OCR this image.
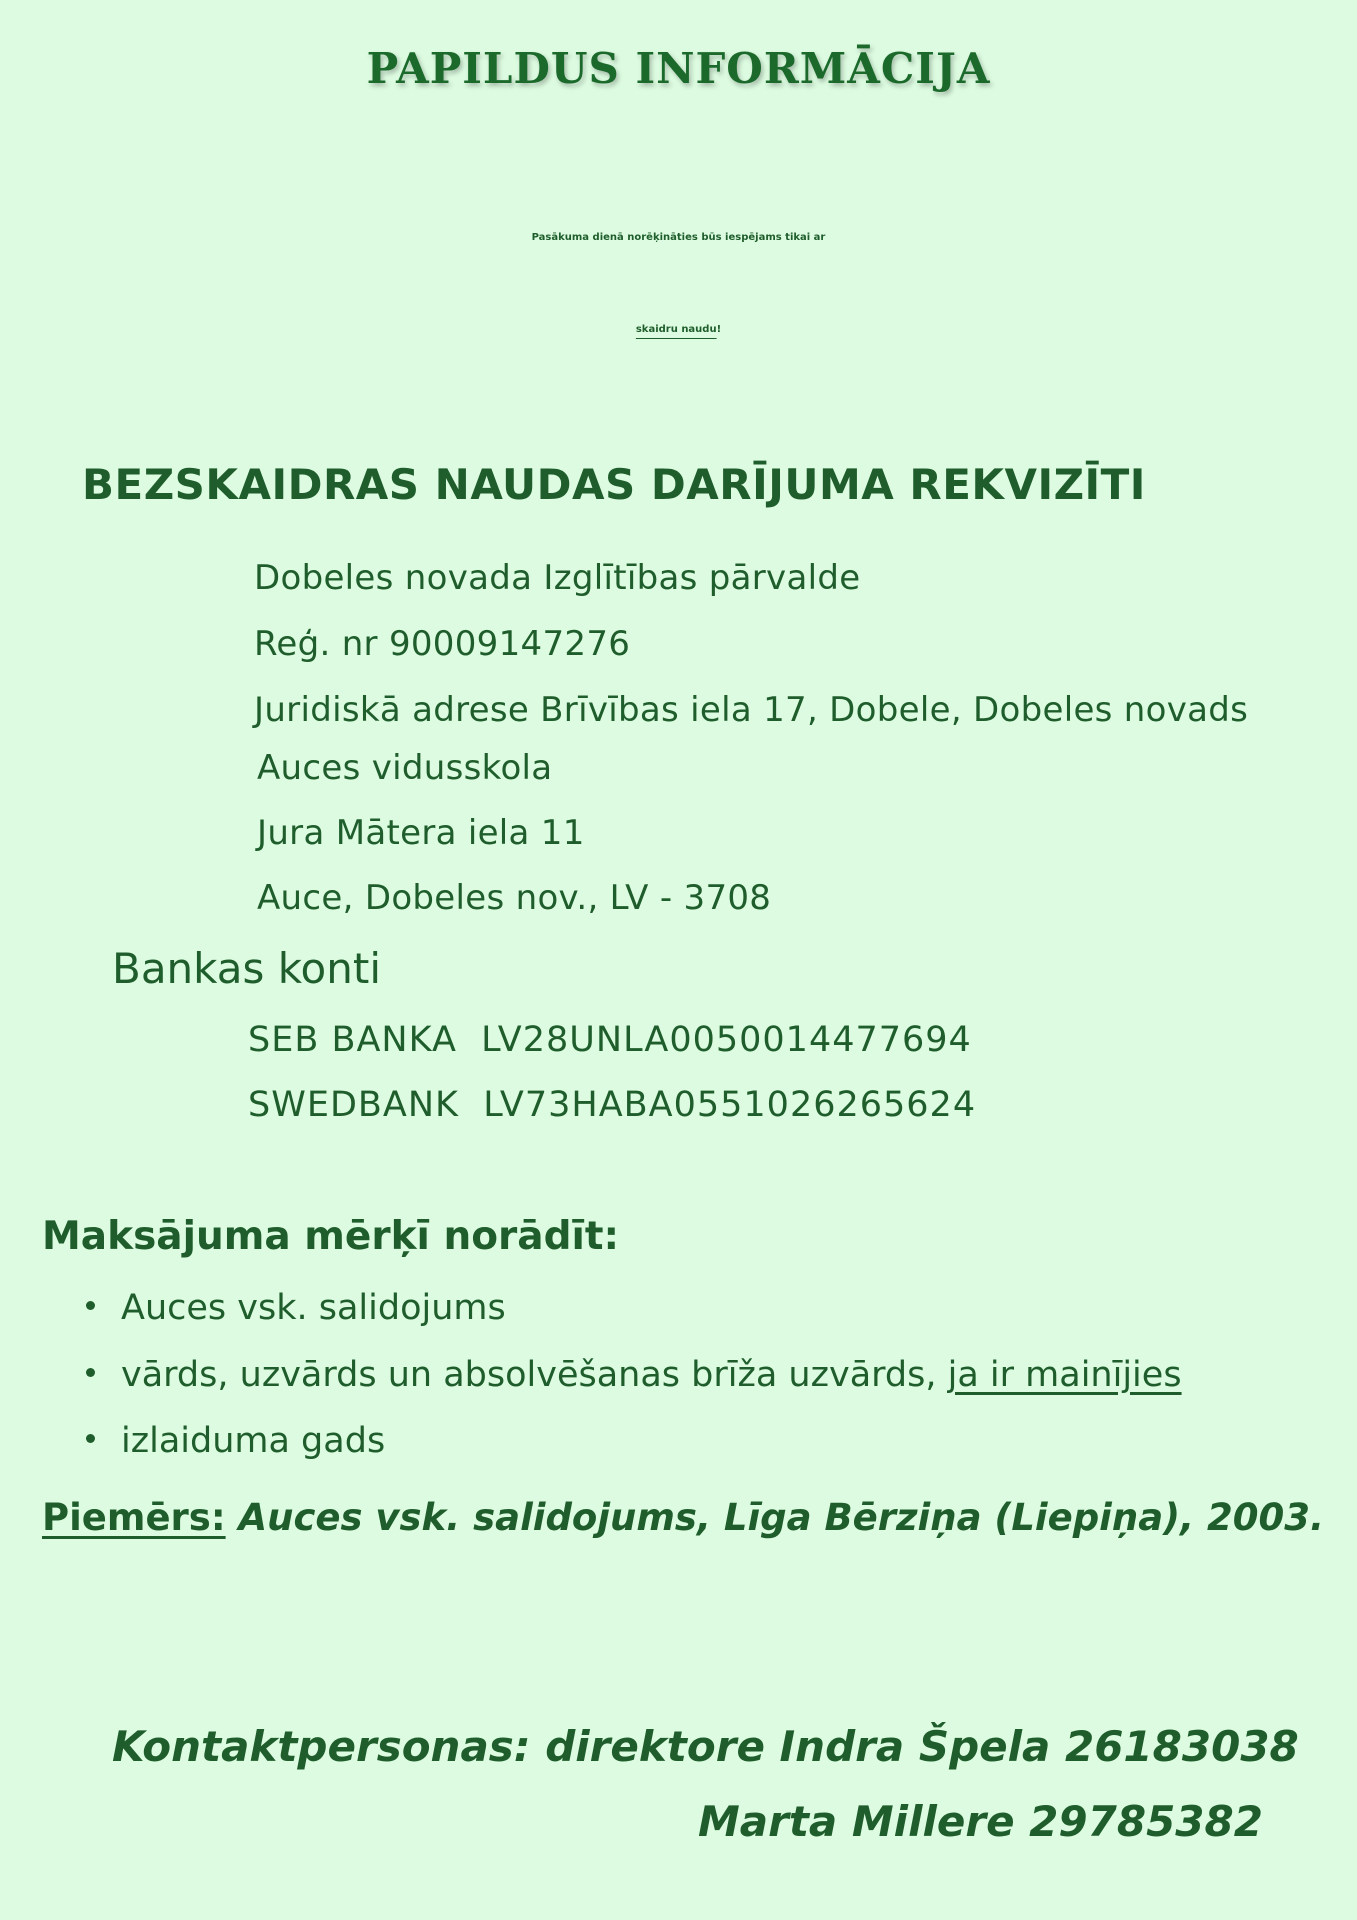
PAPILDUS INFORMĀCIJA
Pasākuma dienā norēķināties būs iespējams tikai ar
skaidru naudu!
BEZSKAIDRAS NAUDAS DARĪJUMA REKVIZĪTI
Dobeles novada Izglītības pārvalde
Reģ. nr 90009147276
Juridiskā adrese Brīvības iela 17, Dobele, Dobeles novads
Auces vidusskola
Jura Mātera iela 11
Auce, Dobeles nov., LV - 3708
Bankas konti
SEB BANKA LV28UNLA0050014477694
SWEDBANK LV73HABA0551026265624
Maksājuma mērķī norādīt:
Auces vsk. salidojums
vārds, uzvārds un absolvēšanas brīža uzvārds, ja ir mainījies
izlaiduma gads
Piemērs: Auces vsk. salidojums, Līga Bērziņa (Liepiņa), 2003.
Kontaktpersonas: direktore Indra Špela 26183038
Marta Millere 29785382
